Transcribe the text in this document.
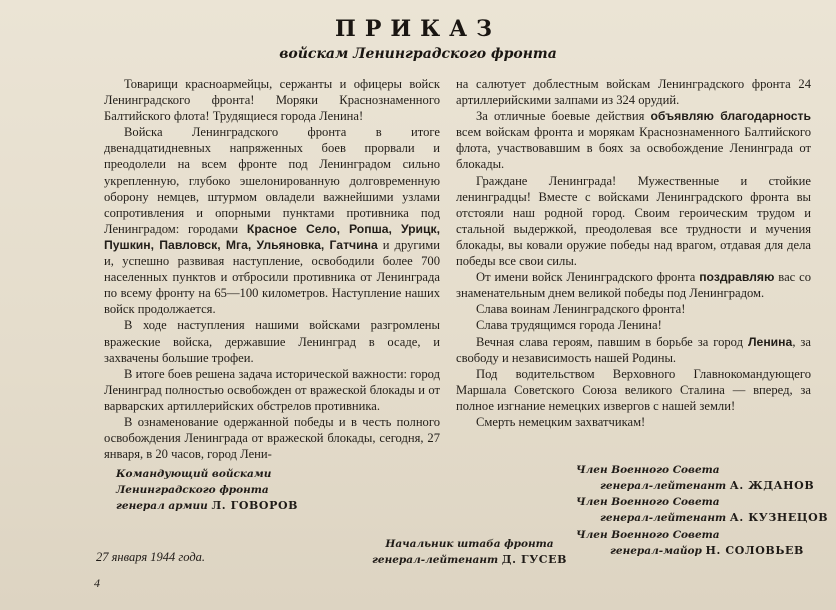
ПРИКАЗ
войскам Ленинградского фронта

Товарищи красноармейцы, сержанты и офицеры войск Ленинградского фронта! Моряки Краснознаменного Балтийского флота! Трудящиеся города Ленина!

Войска Ленинградского фронта в итоге двенадцатидневных напряженных боев прорвали и преодолели на всем фронте под Ленинградом сильно укрепленную, глубоко эшелонированную долговременную оборону немцев, штурмом овладели важнейшими узлами сопротивления и опорными пунктами противника под Ленинградом: городами Красное Село, Ропша, Урицк, Пушкин, Павловск, Мга, Ульяновка, Гатчина и другими и, успешно развивая наступление, освободили более 700 населенных пунктов и отбросили противника от Ленинграда по всему фронту на 65—100 километров. Наступление наших войск продолжается.

В ходе наступления нашими войсками разгромлены вражеские войска, державшие Ленинград в осаде, и захвачены большие трофеи.

В итоге боев решена задача исторической важности: город Ленинград полностью освобожден от вражеской блокады и от варварских артиллерийских обстрелов противника.

В ознаменование одержанной победы и в честь полного освобождения Ленинграда от вражеской блокады, сегодня, 27 января, в 20 часов, город Лени-

на салютует доблестным войскам Ленинградского фронта 24 артиллерийскими залпами из 324 орудий.

За отличные боевые действия объявляю благодарность всем войскам фронта и морякам Краснознаменного Балтийского флота, участвовавшим в боях за освобождение Ленинграда от блокады.

Граждане Ленинграда! Мужественные и стойкие ленинградцы! Вместе с войсками Ленинградского фронта вы отстояли наш родной город. Своим героическим трудом и стальной выдержкой, преодолевая все трудности и мучения блокады, вы ковали оружие победы над врагом, отдавая для дела победы все свои силы.

От имени войск Ленинградского фронта поздравляю вас со знаменательным днем великой победы под Ленинградом.

Слава воинам Ленинградского фронта!

Слава трудящимся города Ленина!

Вечная слава героям, павшим в борьбе за город Ленина, за свободу и независимость нашей Родины.

Под водительством Верховного Главнокомандующего Маршала Советского Союза великого Сталина — вперед, за полное изгнание немецких извергов с нашей земли!

Смерть немецким захватчикам!

Командующий войсками
Ленинградского фронта
генерал армии Л. ГОВОРОВ
Член Военного Совета
генерал-лейтенант А. ЖДАНОВ
Член Военного Совета
генерал-лейтенант А. КУЗНЕЦОВ
Член Военного Совета
генерал-майор Н. СОЛОВЬЕВ
Начальник штаба фронта
генерал-лейтенант Д. ГУСЕВ
27 января 1944 года.
4
